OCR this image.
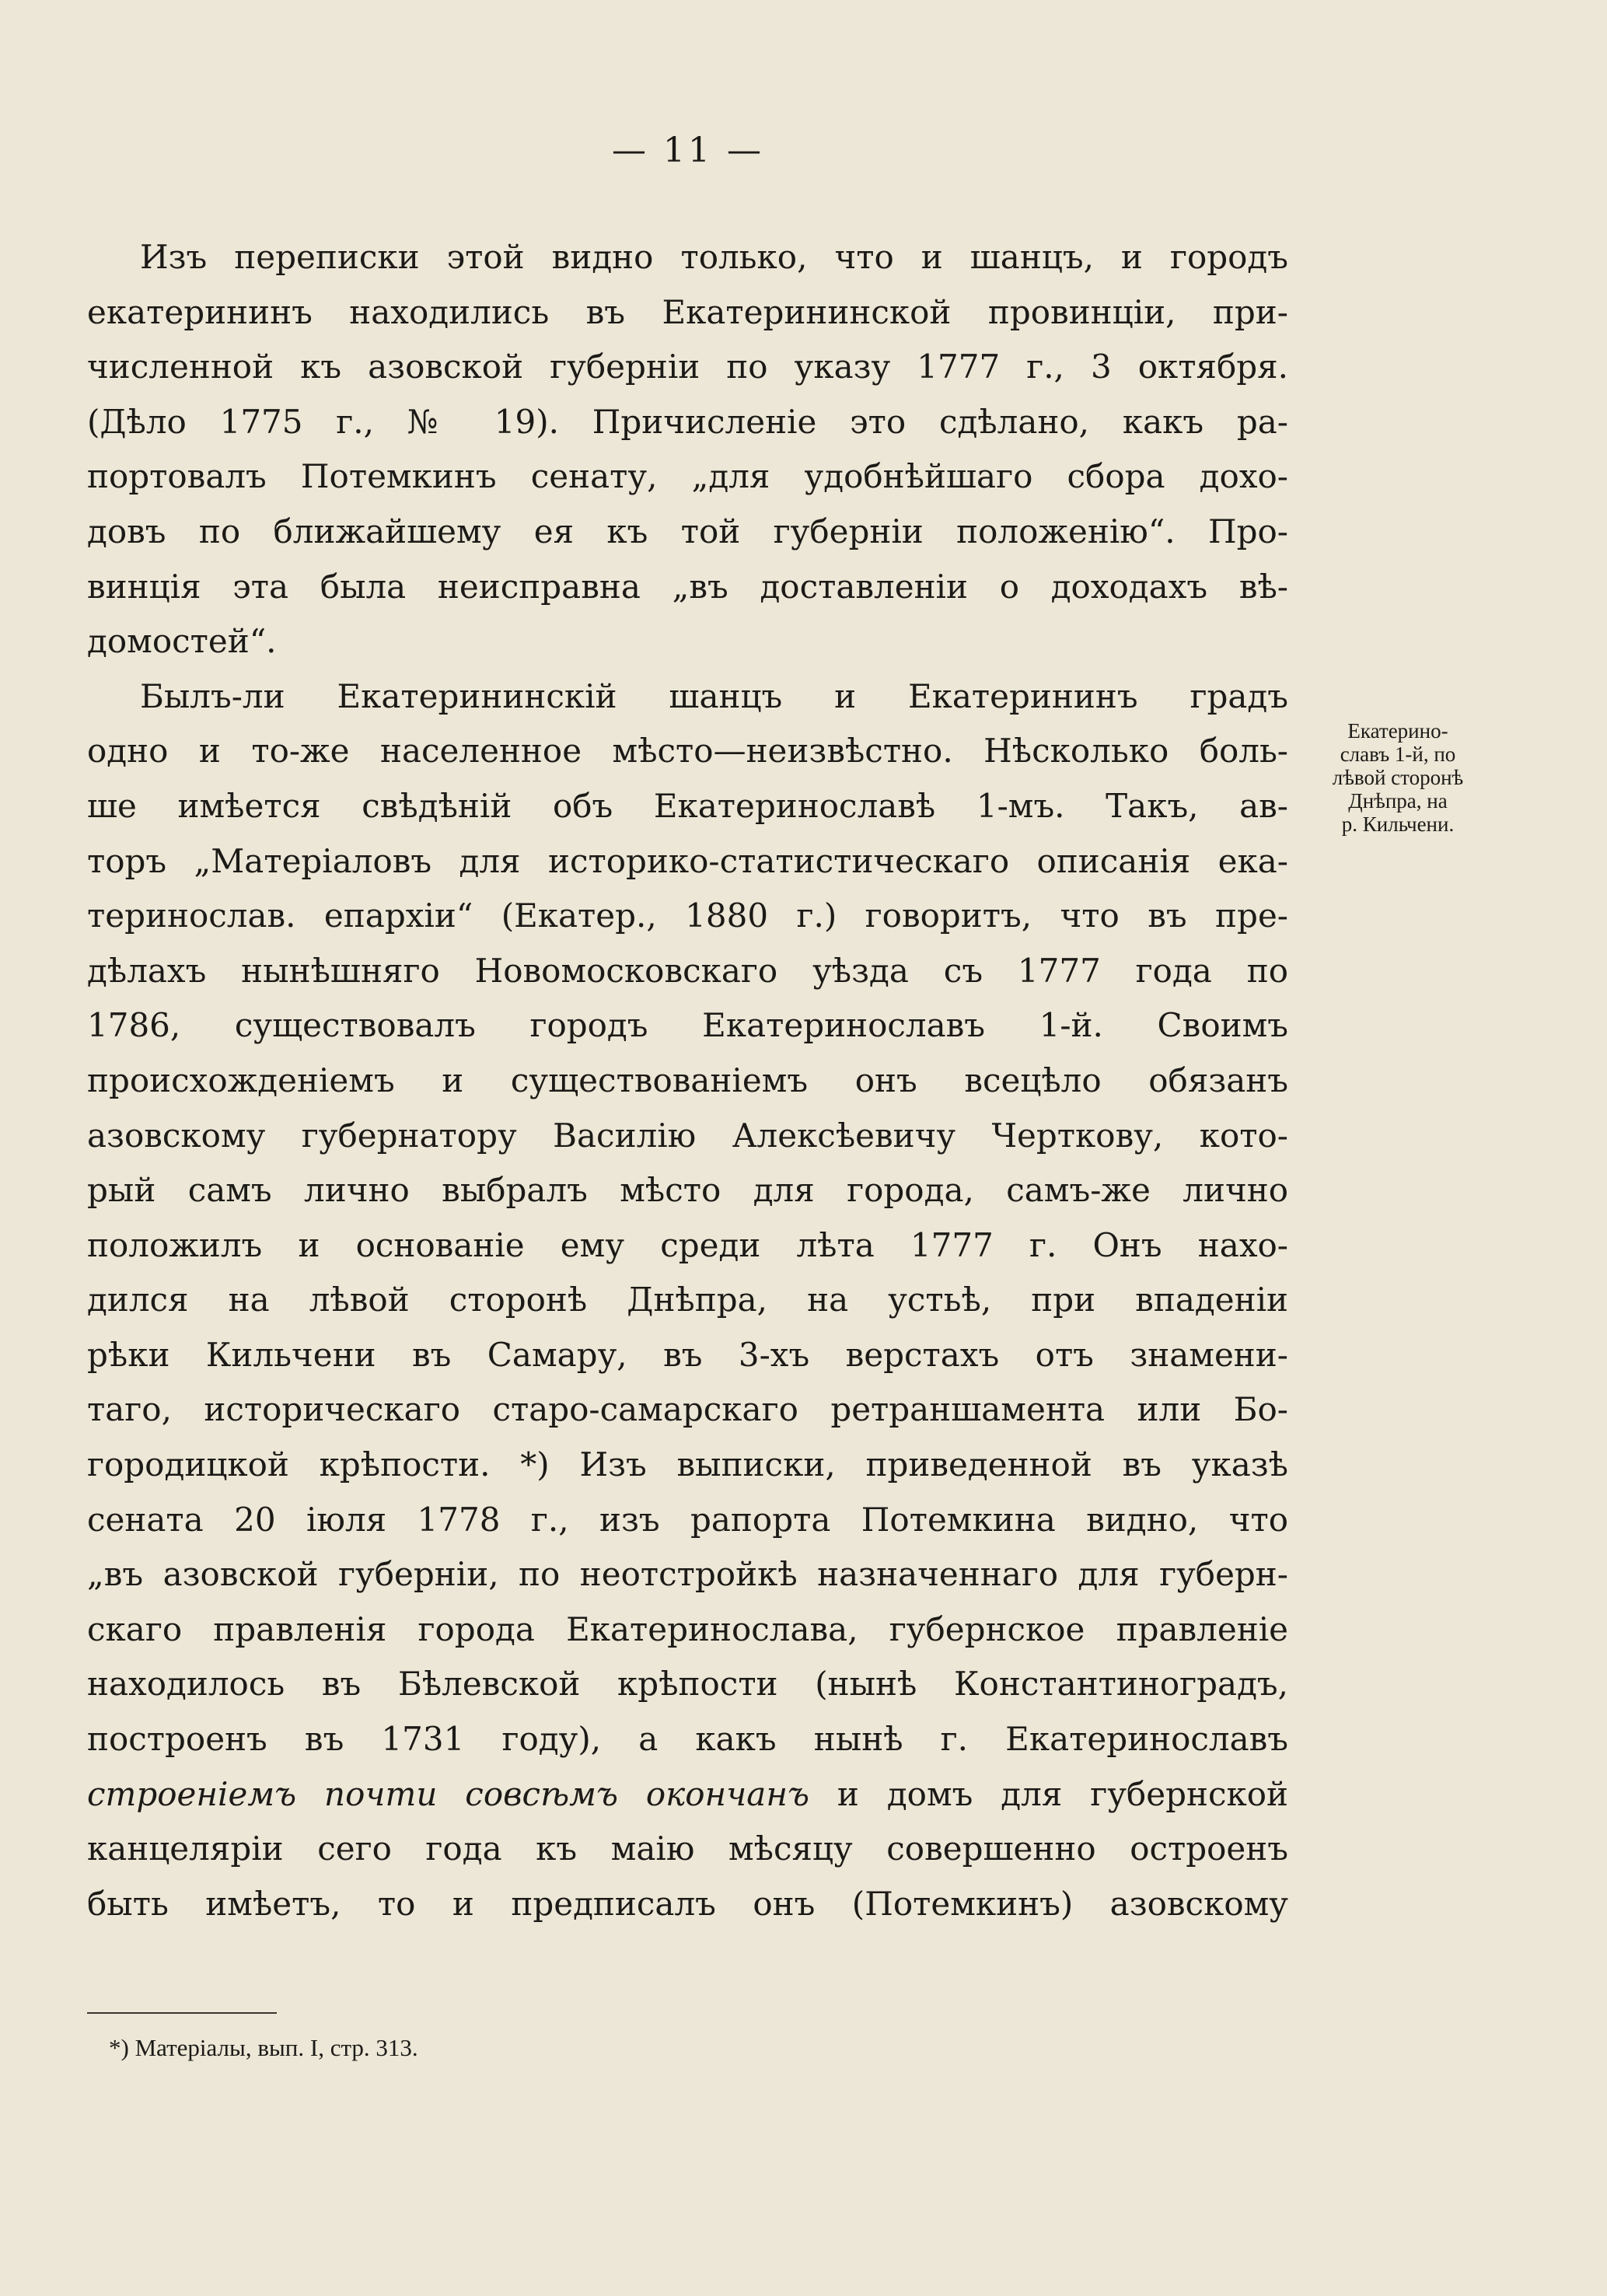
— 11 —
Изъ переписки этой видно только, что и шанцъ, и городъ
екатерининъ находились въ Екатерининской провинціи, при-
численной къ азовской губерніи по указу 1777 г., 3 октября.
(Дѣло 1775 г., № 19). Причисленіе это сдѣлано, какъ ра-
портовалъ Потемкинъ сенату, „для удобнѣйшаго сбора дохо-
довъ по ближайшему ея къ той губерніи положенію“. Про-
винція эта была неисправна „въ доставленіи о доходахъ вѣ-
домостей“.
Былъ-ли Екатерининскій шанцъ и Екатерининъ градъ
одно и то-же населенное мѣсто—неизвѣстно. Нѣсколько боль-
ше имѣется свѣдѣній объ Екатеринославѣ 1-мъ. Такъ, ав-
торъ „Матеріаловъ для историко-статистическаго описанія ека-
теринослав. епархіи“ (Екатер., 1880 г.) говоритъ, что въ пре-
дѣлахъ нынѣшняго Новомосковскаго уѣзда съ 1777 года по
1786, существовалъ городъ Екатеринославъ 1-й. Своимъ
происхожденіемъ и существованіемъ онъ всецѣло обязанъ
азовскому губернатору Василію Алексѣевичу Черткову, кото-
рый самъ лично выбралъ мѣсто для города, самъ-же лично
положилъ и основаніе ему среди лѣта 1777 г. Онъ нахо-
дился на лѣвой сторонѣ Днѣпра, на устьѣ, при впаденіи
рѣки Кильчени въ Самару, въ 3-хъ верстахъ отъ знамени-
таго, историческаго старо-самарскаго ретраншамента или Бо-
городицкой крѣпости. *) Изъ выписки, приведенной въ указѣ
сената 20 іюля 1778 г., изъ рапорта Потемкина видно, что
„въ азовской губерніи, по неотстройкѣ назначеннаго для губерн-
скаго правленія города Екатеринослава, губернское правленіе
находилось въ Бѣлевской крѣпости (нынѣ Константиноградъ,
построенъ въ 1731 году), а какъ нынѣ г. Екатеринославъ
строеніемъ почти совсѣмъ окончанъ и домъ для губернской
канцеляріи сего года къ маію мѣсяцу совершенно остроенъ
быть имѣетъ, то и предписалъ онъ (Потемкинъ) азовскому
Екатерино-
славъ 1-й, по
лѣвой сторонѣ
Днѣпра, на
р. Кильчени.
*) Матеріалы, вып. I, стр. 313.
